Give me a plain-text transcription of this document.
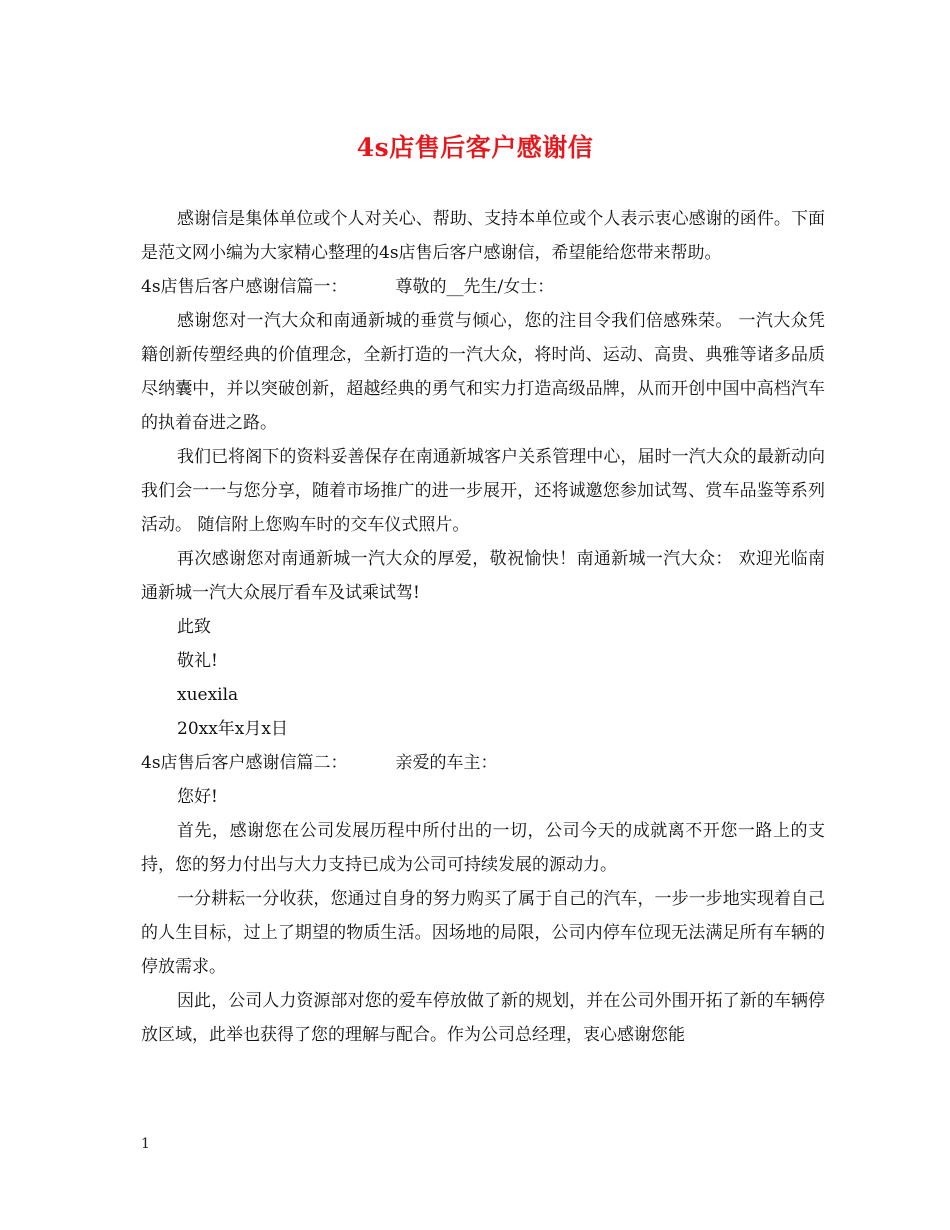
4s店售后客户感谢信

感谢信是集体单位或个人对关心、帮助、支持本单位或个人表示衷心感谢的函件。下面是范文网小编为大家精心整理的4s店售后客户感谢信，希望能给您带来帮助。

4s店售后客户感谢信篇一：	尊敬的__先生/女士：

感谢您对一汽大众和南通新城的垂赏与倾心，您的注目令我们倍感殊荣。 一汽大众凭籍创新传塑经典的价值理念，全新打造的一汽大众，将时尚、运动、高贵、典雅等诸多品质尽纳囊中，并以突破创新，超越经典的勇气和实力打造高级品牌，从而开创中国中高档汽车的执着奋进之路。

我们已将阁下的资料妥善保存在南通新城客户关系管理中心，届时一汽大众的最新动向我们会一一与您分享，随着市场推广的进一步展开，还将诚邀您参加试驾、赏车品鉴等系列活动。 随信附上您购车时的交车仪式照片。

再次感谢您对南通新城一汽大众的厚爱，敬祝愉快！南通新城一汽大众： 欢迎光临南通新城一汽大众展厅看车及试乘试驾!

此致

敬礼!

xuexila

20xx年x月x日

4s店售后客户感谢信篇二：	亲爱的车主：

您好!

首先，感谢您在公司发展历程中所付出的一切，公司今天的成就离不开您一路上的支持，您的努力付出与大力支持已成为公司可持续发展的源动力。

一分耕耘一分收获，您通过自身的努力购买了属于自己的汽车，一步一步地实现着自己的人生目标，过上了期望的物质生活。因场地的局限，公司内停车位现无法满足所有车辆的停放需求。

因此，公司人力资源部对您的爱车停放做了新的规划，并在公司外围开拓了新的车辆停放区域，此举也获得了您的理解与配合。作为公司总经理，衷心感谢您能

1
